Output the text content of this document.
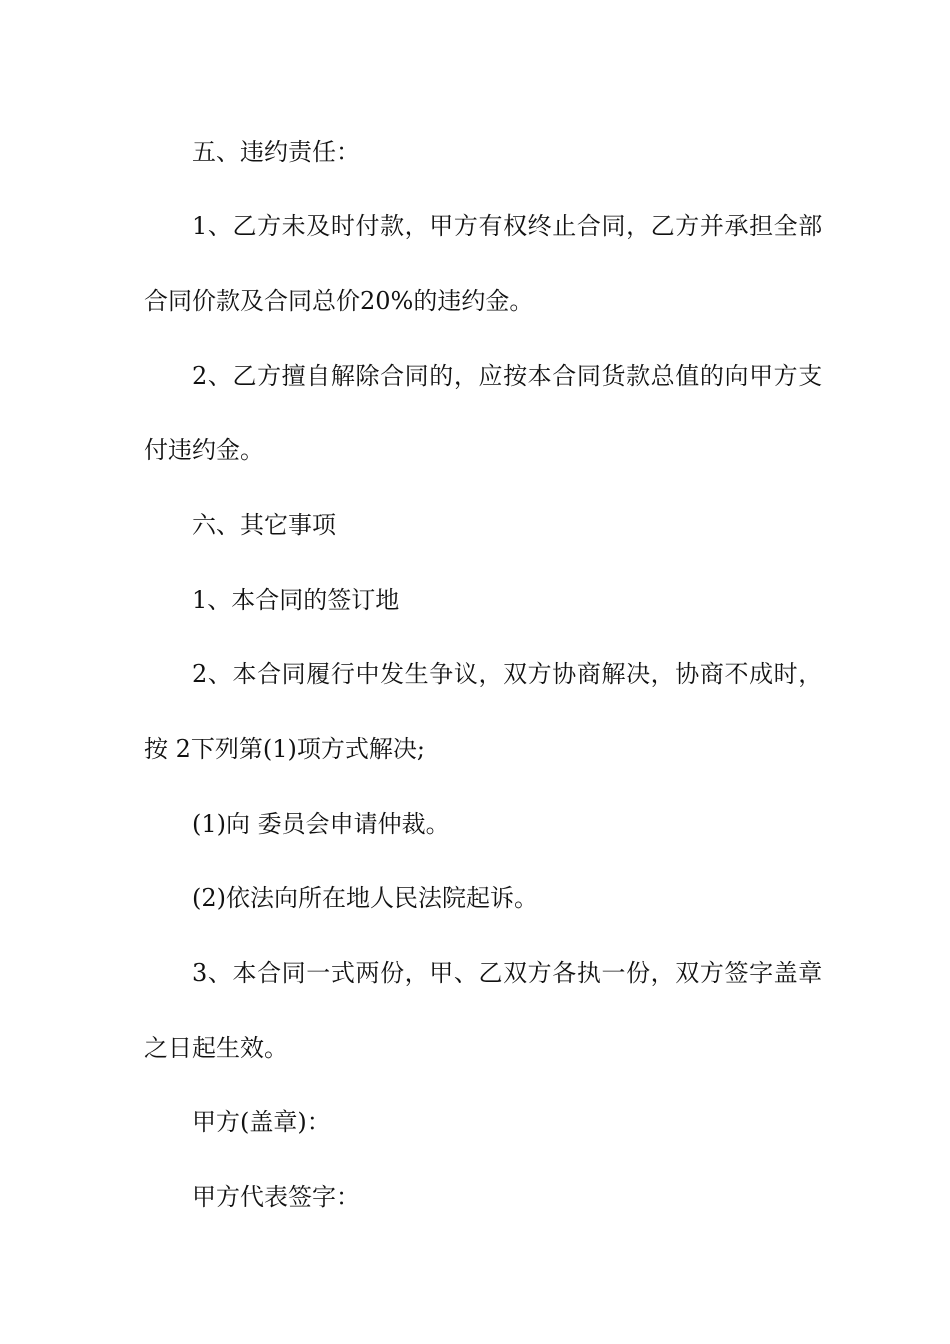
五、违约责任：
1、乙方未及时付款，甲方有权终止合同，乙方并承担全部
合同价款及合同总价20%的违约金。
2、乙方擅自解除合同的，应按本合同货款总值的向甲方支
付违约金。
六、其它事项
1、本合同的签订地
2、本合同履行中发生争议，双方协商解决，协商不成时，
按 2下列第(1)项方式解决;
(1)向 委员会申请仲裁。
(2)依法向所在地人民法院起诉。
3、本合同一式两份，甲、乙双方各执一份，双方签字盖章
之日起生效。
甲方(盖章)：
甲方代表签字：
